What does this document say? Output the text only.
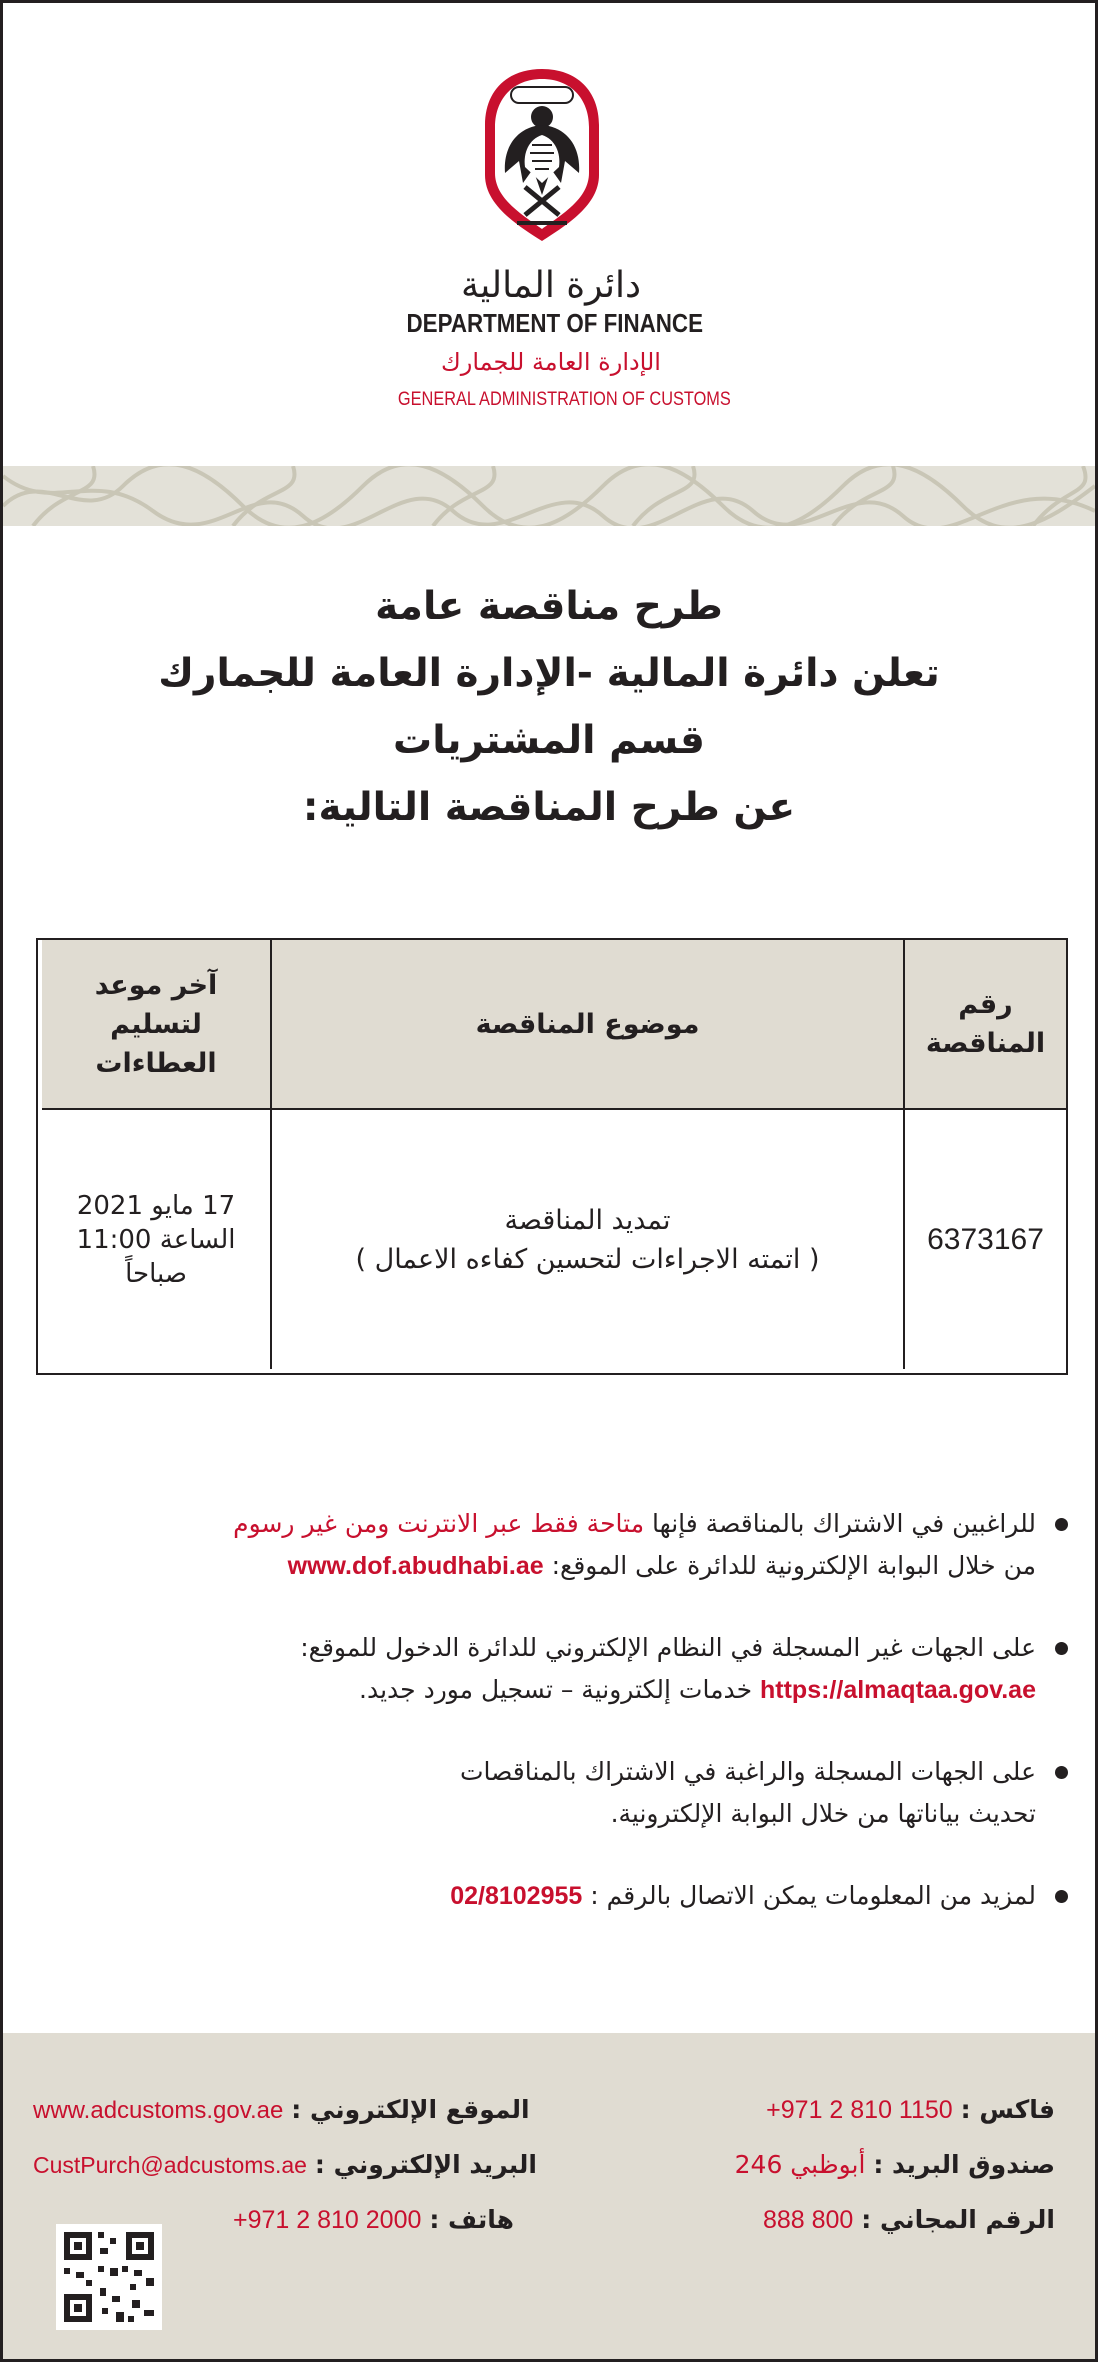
دائرة المالية
DEPARTMENT OF FINANCE
الإدارة العامة للجمارك
GENERAL ADMINISTRATION OF CUSTOMS
طرح مناقصة عامة
تعلن دائرة المالية -الإدارة العامة للجمارك
قسم المشتريات
عن طرح المناقصة التالية:
رقم المناقصة
موضوع المناقصة
آخر موعد لتسليم العطاءات
6373167
تمديد المناقصة
( اتمته الاجراءات لتحسين كفاءه الاعمال )
17 مايو 2021
الساعة 11:00
صباحاً
للراغبين في الاشتراك بالمناقصة فإنها متاحة فقط عبر الانترنت ومن غير رسوم
من خلال البوابة الإلكترونية للدائرة على الموقع: www.dof.abudhabi.ae
على الجهات غير المسجلة في النظام الإلكتروني للدائرة الدخول للموقع:
https://almaqtaa.gov.ae خدمات إلكترونية – تسجيل مورد جديد.
على الجهات المسجلة والراغبة في الاشتراك بالمناقصات
تحديث بياناتها من خلال البوابة الإلكترونية.
لمزيد من المعلومات يمكن الاتصال بالرقم : 02/8102955
فاكس : +971 2 810 1150
صندوق البريد : أبوظبي 246
الرقم المجاني : 800 888
الموقع الإلكتروني : www.adcustoms.gov.ae
البريد الإلكتروني : CustPurch@adcustoms.ae
هاتف : +971 2 810 2000
